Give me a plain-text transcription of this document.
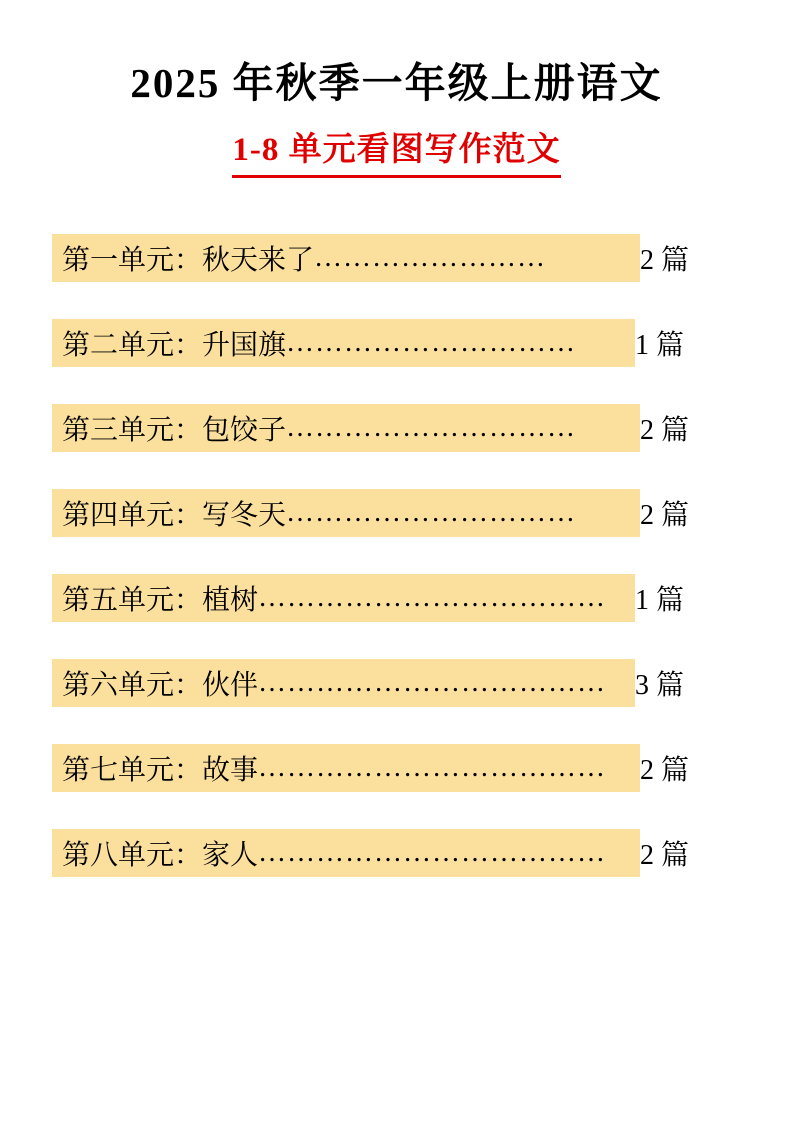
2025 年秋季一年级上册语文
1-8 单元看图写作范文
第一单元：秋天来了 ……………………	2 篇
第二单元：升国旗 ………………………… 1 篇
第三单元：包饺子 ………………………… 2 篇
第四单元：写冬天 ………………………… 2 篇
第五单元：植树 ……………………………… 1 篇
第六单元：伙伴 ……………………………… 3 篇
第七单元：故事 ……………………………… 2 篇
第八单元：家人 ……………………………… 2 篇
